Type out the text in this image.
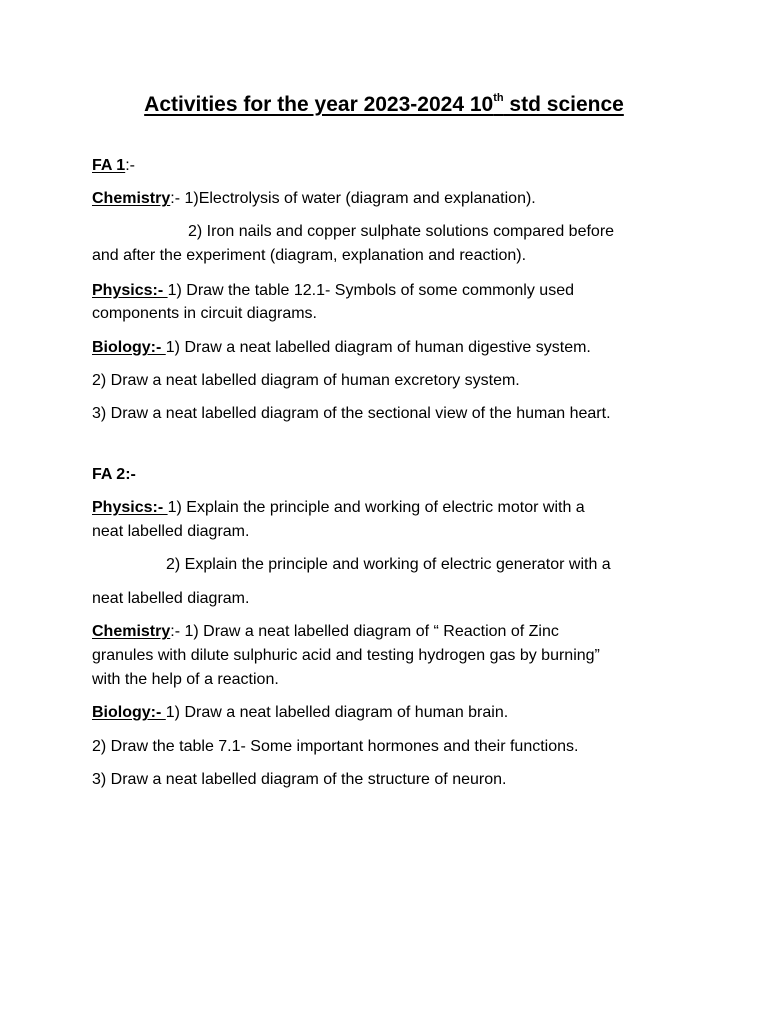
Activities for the year 2023-2024 10th std science

FA 1:-

Chemistry:- 1)Electrolysis of water (diagram and explanation).

2) Iron nails and copper sulphate solutions compared before

and after the experiment (diagram, explanation and reaction).

Physics:- 1) Draw the table 12.1- Symbols of some commonly used

components in circuit diagrams.

Biology:- 1) Draw a neat labelled diagram of human digestive system.

2) Draw a neat labelled diagram of human excretory system.

3) Draw a neat labelled diagram of the sectional view of the human heart.

FA 2:-

Physics:- 1) Explain the principle and working of electric motor with a

neat labelled diagram.

2) Explain the principle and working of electric generator with a

neat labelled diagram.

Chemistry:- 1) Draw a neat labelled diagram of “ Reaction of Zinc

granules with dilute sulphuric acid and testing hydrogen gas by burning”

with the help of a reaction.

Biology:- 1) Draw a neat labelled diagram of human brain.

2) Draw the table 7.1- Some important hormones and their functions.

3) Draw a neat labelled diagram of the structure of neuron.
